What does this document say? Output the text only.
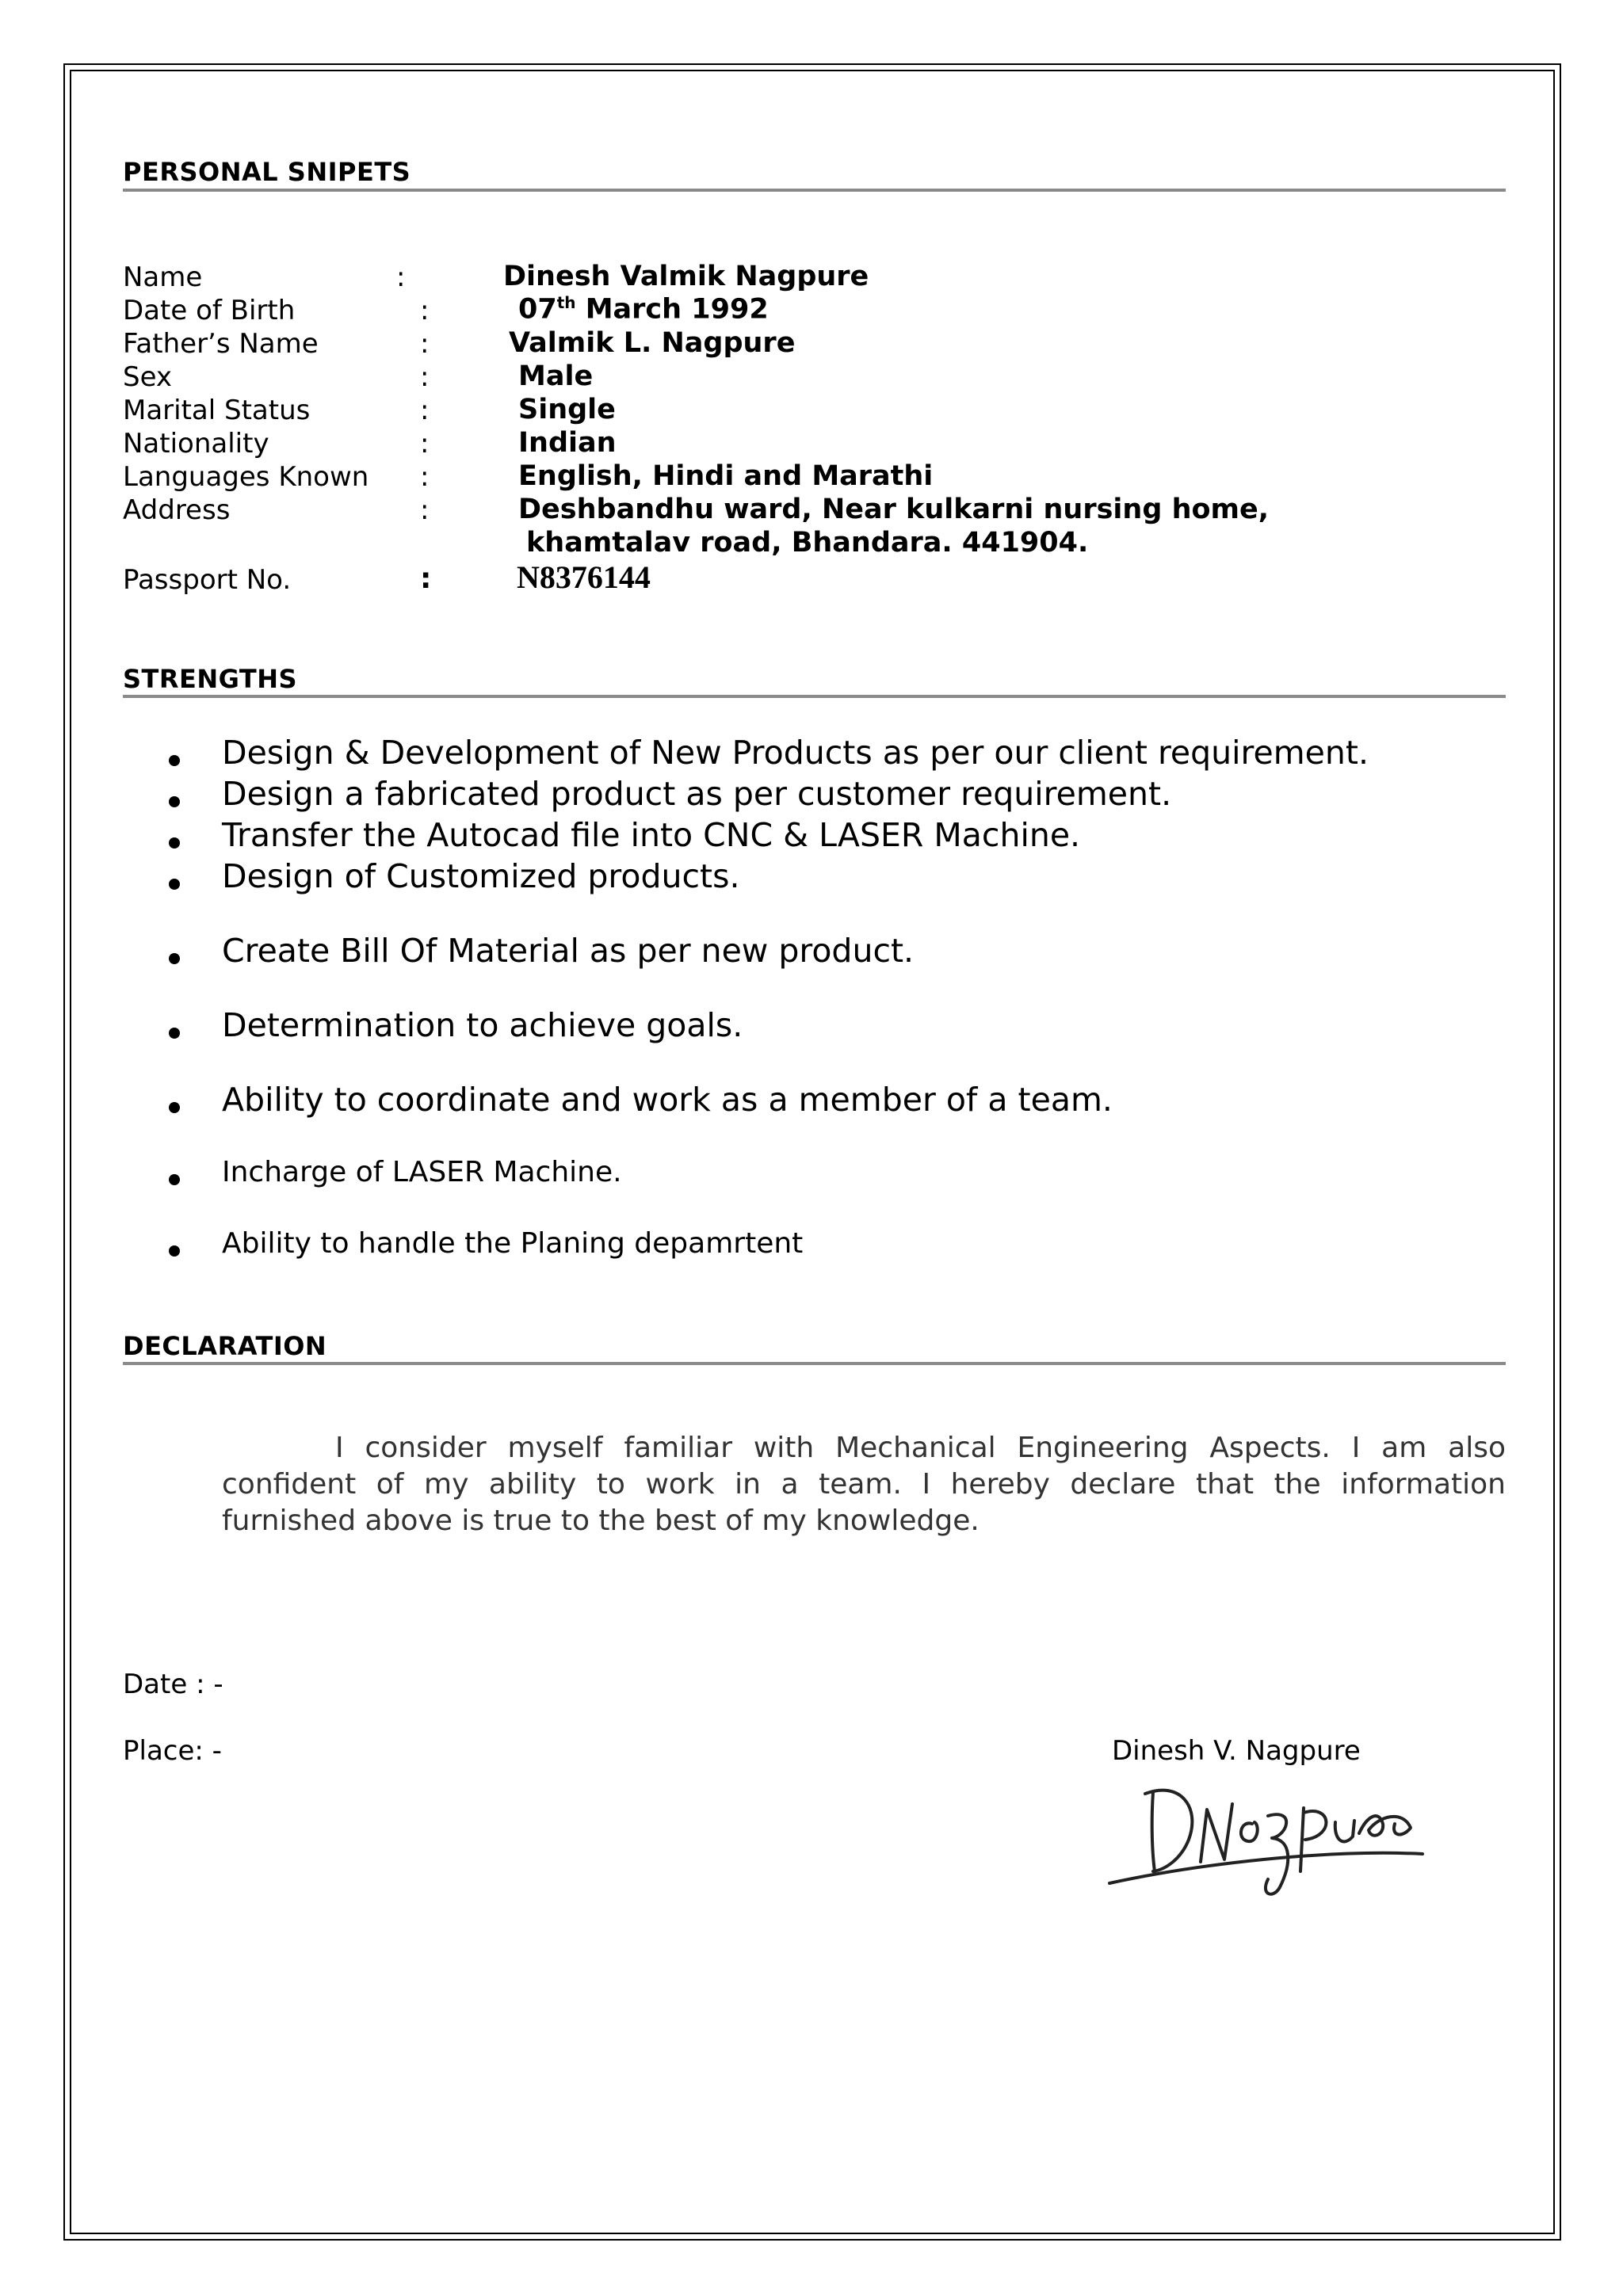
PERSONAL SNIPETS
Name	:	Dinesh Valmik Nagpure
Date of Birth	:	07th March 1992
Father’s Name	:	Valmik L. Nagpure
Sex	:	Male
Marital Status	:	Single
Nationality	:	Indian
Languages Known :	English, Hindi and Marathi
Address	:	Deshbandhu ward, Near kulkarni nursing home,
khamtalav road, Bhandara. 441904.
Passport No.	:	N8376144
STRENGTHS
Design & Development of New Products as per our client requirement.
Design a fabricated product as per customer requirement.
Transfer the Autocad file into CNC & LASER Machine.
Design of Customized products.
Create Bill Of Material as per new product.
Determination to achieve goals.
Ability to coordinate and work as a member of a team.
Incharge of LASER Machine.
Ability to handle the Planing depamrtent
DECLARATION
I consider myself familiar with Mechanical Engineering Aspects. I am also
confident of my ability to work in a team. I hereby declare that the information
furnished above is true to the best of my knowledge.
Date : -
Place: -	Dinesh V. Nagpure
